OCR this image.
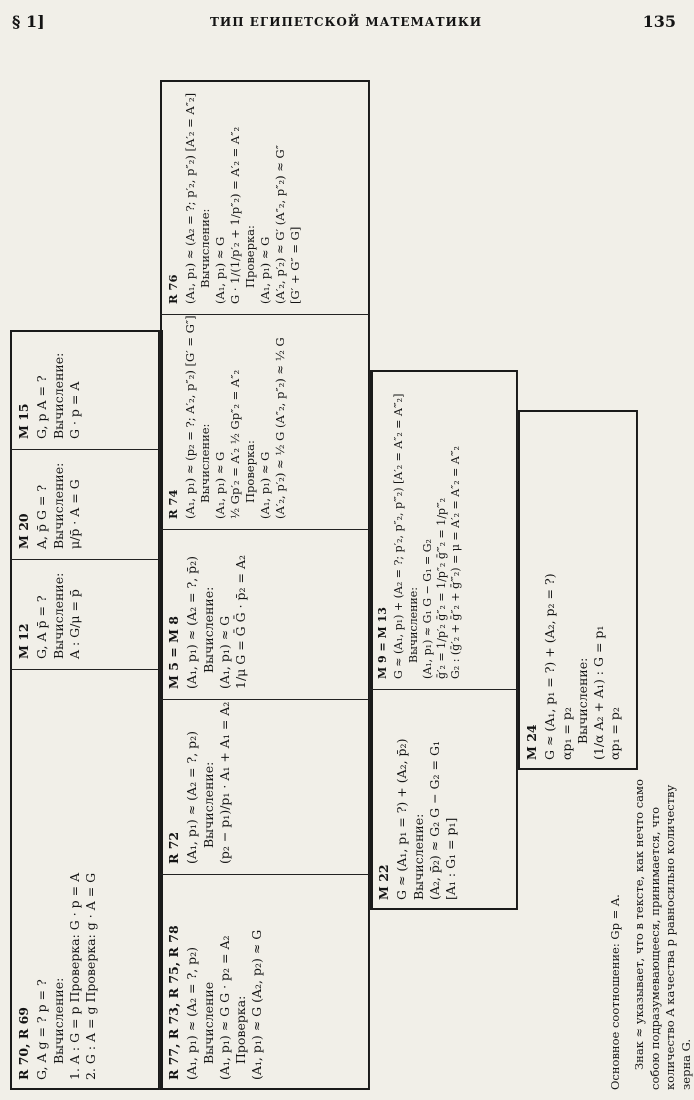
§ 1]	ТИП ЕГИПЕТСКОЙ МАТЕМАТИКИ	135
R 70, R 69 G, A g = ? p = ? Вычисление: 1. A : G = p Проверка: G · p = A 2. G : A = g Проверка: g · A = G
M 12 G, A p̄ = ? Вычисление: A : G/μ = p̄
M 20 A, p̄ G = ? Вычисление: μ/p̄ · A = G
M 15 G, p A = ? Вычисление: G · p = A
R 77, R 73, R 75, R 78 (A₁, p₁) ≈ (A₂ = ?, p₂) Вычисление (A₁, p₁) ≈ G G · p₂ = A₂ Проверка: (A₁, p₁) ≈ G (A₂, p₂) ≈ G
R 72 (A₁, p₁) ≈ (A₂ = ?, p₂) Вычисление: (p₂ − p₁)/p₁ · A₁ + A₁ = A₂
M 5 = M 8 (A₁, p₁) ≈ (A₂ = ?, p̄₂) Вычисление: (A₁, p₁) ≈ G 1/μ G = Ḡ Ḡ · p̄₂ = A₂
R 74 (A₁, p₁) ≈ (p₂ = ?; A′₂, p″₂) [G′ = G″] Вычисление: (A₁, p₁) ≈ G ½ Gp′₂ = A′₂ ½ Gp″₂ = A″₂ Проверка: (A₁, p₁) ≈ G (A′₂, p′₂) ≈ ½ G (A″₂, p″₂) ≈ ½ G
R 76 (A₁, p₁) ≈ (A₂ = ?; p′₂, p″₂) [A′₂ = A″₂] Вычисление: (A₁, p₁) ≈ G G · 1/(1/p′₂ + 1/p″₂) = A′₂ = A″₂ Проверка: (A₁, p₁) ≈ G (A′₂, p′₂) ≈ G′ (A″₂, p″₂) ≈ G″ [G′ + G″ = G]
M 22 G ≈ (A₁, p₁ = ?) + (A₂, p̄₂) Вычисление: (A₂, p̄₂) ≈ G₂ G − G₂ = G₁ [A₁ : G₁ = p₁]
M 9 = M 13 G ≈ (A₁, p₁) + (A₂ = ?; p′₂, p″₂, p‴₂) [A′₂ = A″₂ = A‴₂] Вычисление: (A₁, p₁) ≈ G₁ G − G₁ = G₂ ḡ′₂ = 1/p′₂ ḡ″₂ = 1/p″₂ ḡ‴₂ = 1/p‴₂ G₂ : (ḡ′₂ + ḡ″₂ + ḡ‴₂) = μ = A′₂ = A″₂ = A‴₂
M 24 G ≈ (A₁, p₁ = ?) + (A₂, p₂ = ?) αp₁ = p₂ Вычисление: (1/α A₂ + A₁) : G = p₁ αp₁ = p₂
Основное соотношение: Gp = A. Знак ≈ указывает, что в тексте, как нечто само собою подразумевающееся, принимается, что количество A качества p равносильно количеству зерна G.
